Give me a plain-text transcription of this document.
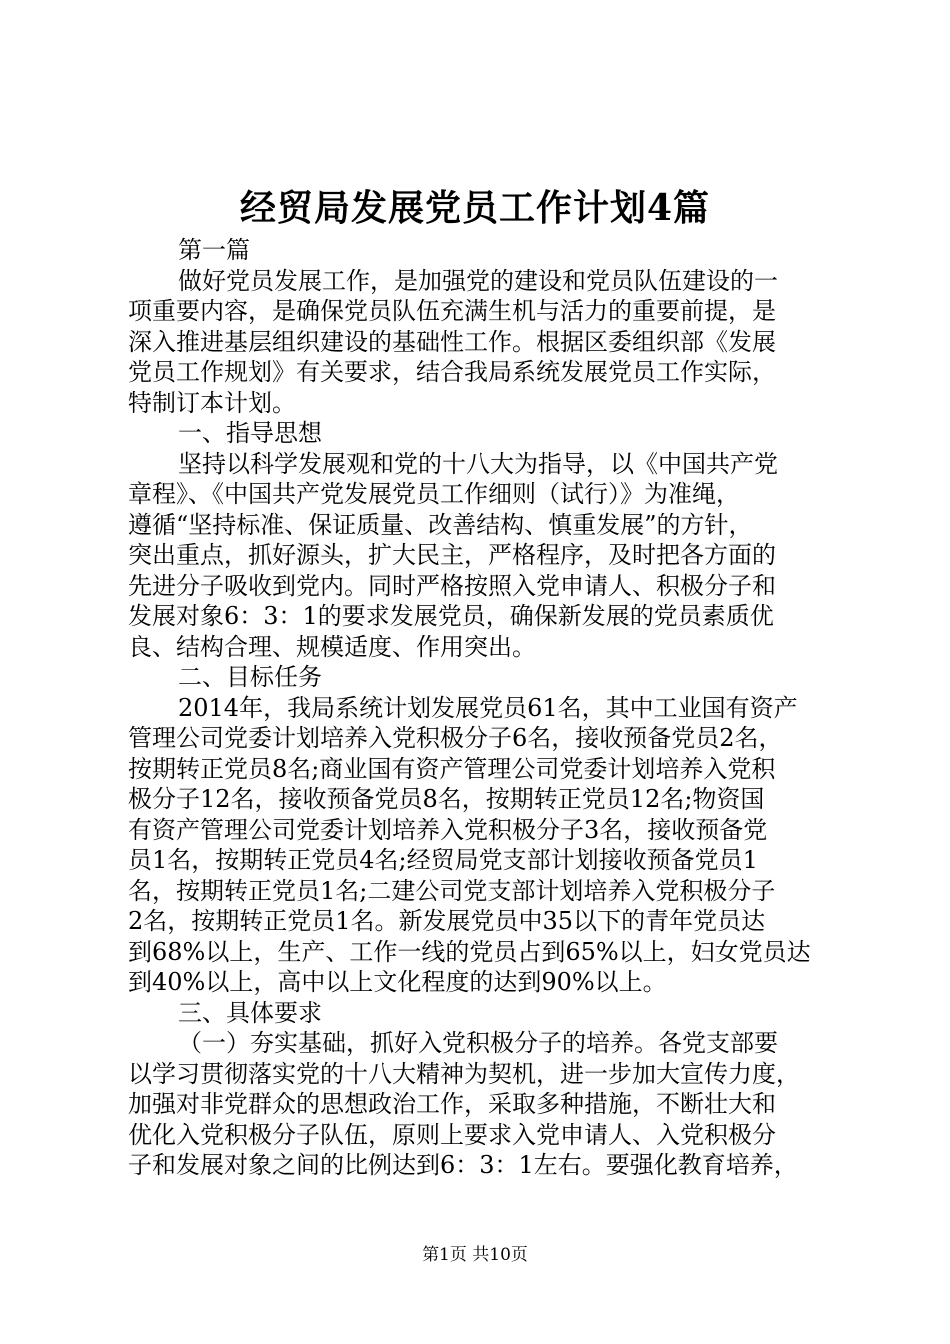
经贸局发展党员工作计划4篇
第一篇
做好党员发展工作，是加强党的建设和党员队伍建设的一
项重要内容，是确保党员队伍充满生机与活力的重要前提，是
深入推进基层组织建设的基础性工作。根据区委组织部《发展
党员工作规划》有关要求，结合我局系统发展党员工作实际，
特制订本计划。
一、指导思想
坚持以科学发展观和党的十八大为指导，以《中国共产党
章程》、《中国共产党发展党员工作细则（试行）》为准绳，
遵循“坚持标准、保证质量、改善结构、慎重发展”的方针，
突出重点，抓好源头，扩大民主，严格程序，及时把各方面的
先进分子吸收到党内。同时严格按照入党申请人、积极分子和
发展对象6：3：1的要求发展党员，确保新发展的党员素质优
良、结构合理、规模适度、作用突出。
二、目标任务
2014年，我局系统计划发展党员61名，其中工业国有资产
管理公司党委计划培养入党积极分子6名，接收预备党员2名，
按期转正党员8名;商业国有资产管理公司党委计划培养入党积
极分子12名，接收预备党员8名，按期转正党员12名;物资国
有资产管理公司党委计划培养入党积极分子3名，接收预备党
员1名，按期转正党员4名;经贸局党支部计划接收预备党员1
名，按期转正党员1名;二建公司党支部计划培养入党积极分子
2名，按期转正党员1名。新发展党员中35以下的青年党员达
到68%以上，生产、工作一线的党员占到65%以上，妇女党员达
到40%以上，高中以上文化程度的达到90%以上。
三、具体要求
（一）夯实基础，抓好入党积极分子的培养。各党支部要
以学习贯彻落实党的十八大精神为契机，进一步加大宣传力度，
加强对非党群众的思想政治工作，采取多种措施，不断壮大和
优化入党积极分子队伍，原则上要求入党申请人、入党积极分
子和发展对象之间的比例达到6：3：1左右。要强化教育培养，
第1页 共10页
